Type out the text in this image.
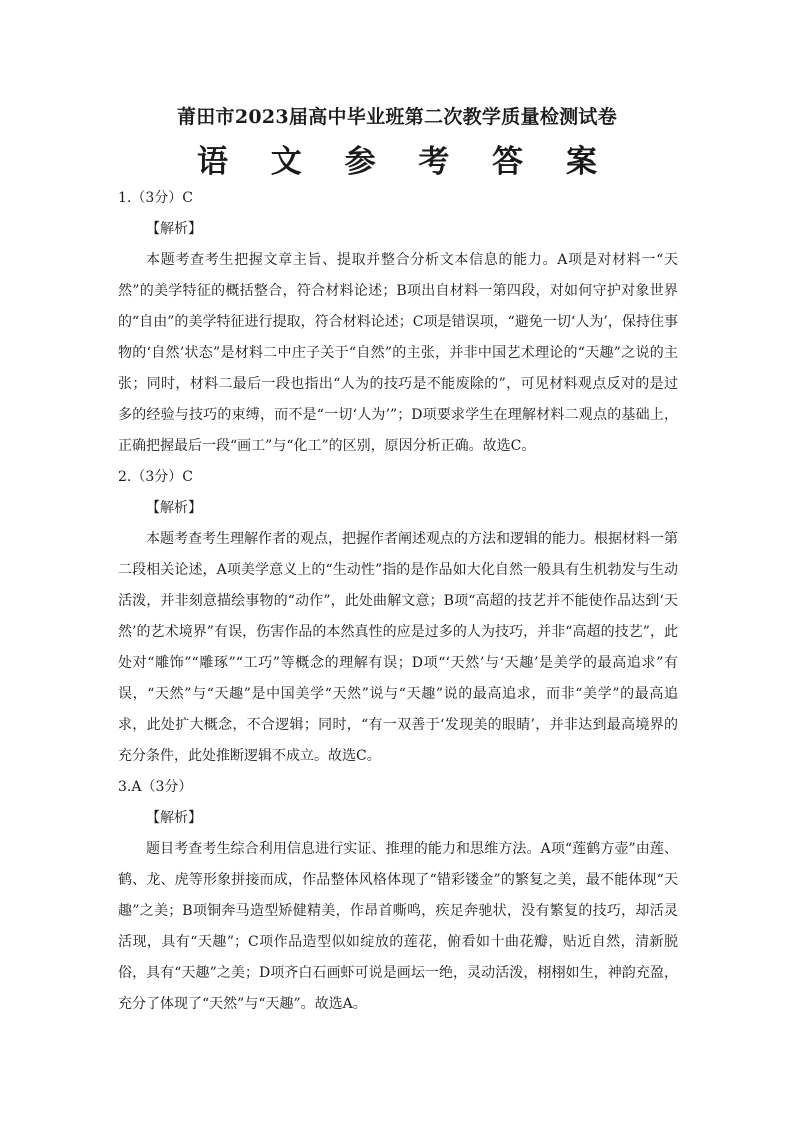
莆田市2023届高中毕业班第二次教学质量检测试卷
语 文 参 考 答 案

1.（3分）C

【解析】

本题考查考生把握文章主旨、提取并整合分析文本信息的能力。A项是对材料一“天然”的美学特征的概括整合，符合材料论述；B项出自材料一第四段，对如何守护对象世界的“自由”的美学特征进行提取，符合材料论述；C项是错误项，“避免一切‘人为’，保持住事物的‘自然’状态”是材料二中庄子关于“自然”的主张，并非中国艺术理论的“天趣”之说的主张；同时，材料二最后一段也指出“人为的技巧是不能废除的”，可见材料观点反对的是过多的经验与技巧的束缚，而不是“一切‘人为’”；D项要求学生在理解材料二观点的基础上，正确把握最后一段“画工”与“化工”的区别，原因分析正确。故选C。

2.（3分）C

【解析】

本题考查考生理解作者的观点，把握作者阐述观点的方法和逻辑的能力。根据材料一第二段相关论述，A项美学意义上的“生动性”指的是作品如大化自然一般具有生机勃发与生动活泼，并非刻意描绘事物的“动作”，此处曲解文意；B项“高超的技艺并不能使作品达到‘天然’的艺术境界”有误，伤害作品的本然真性的应是过多的人为技巧，并非“高超的技艺”，此处对“雕饰”“雕琢”“工巧”等概念的理解有误；D项“‘天然’与‘天趣’是美学的最高追求”有误，“天然”与“天趣”是中国美学“天然”说与“天趣”说的最高追求，而非“美学”的最高追求，此处扩大概念，不合逻辑；同时，“有一双善于‘发现美的眼睛’，并非达到最高境界的充分条件，此处推断逻辑不成立。故选C。

3.A（3分）

【解析】

题目考查考生综合利用信息进行实证、推理的能力和思维方法。A项“莲鹤方壶”由莲、鹤、龙、虎等形象拼接而成，作品整体风格体现了“错彩镂金”的繁复之美，最不能体现“天趣”之美；B项铜奔马造型矫健精美，作昂首嘶鸣，疾足奔驰状，没有繁复的技巧，却活灵活现，具有“天趣”；C项作品造型似如绽放的莲花，俯看如十曲花瓣，贴近自然，清新脱俗，具有“天趣”之美；D项齐白石画虾可说是画坛一绝，灵动活泼，栩栩如生，神韵充盈，充分了体现了“天然”与“天趣”。故选A。
